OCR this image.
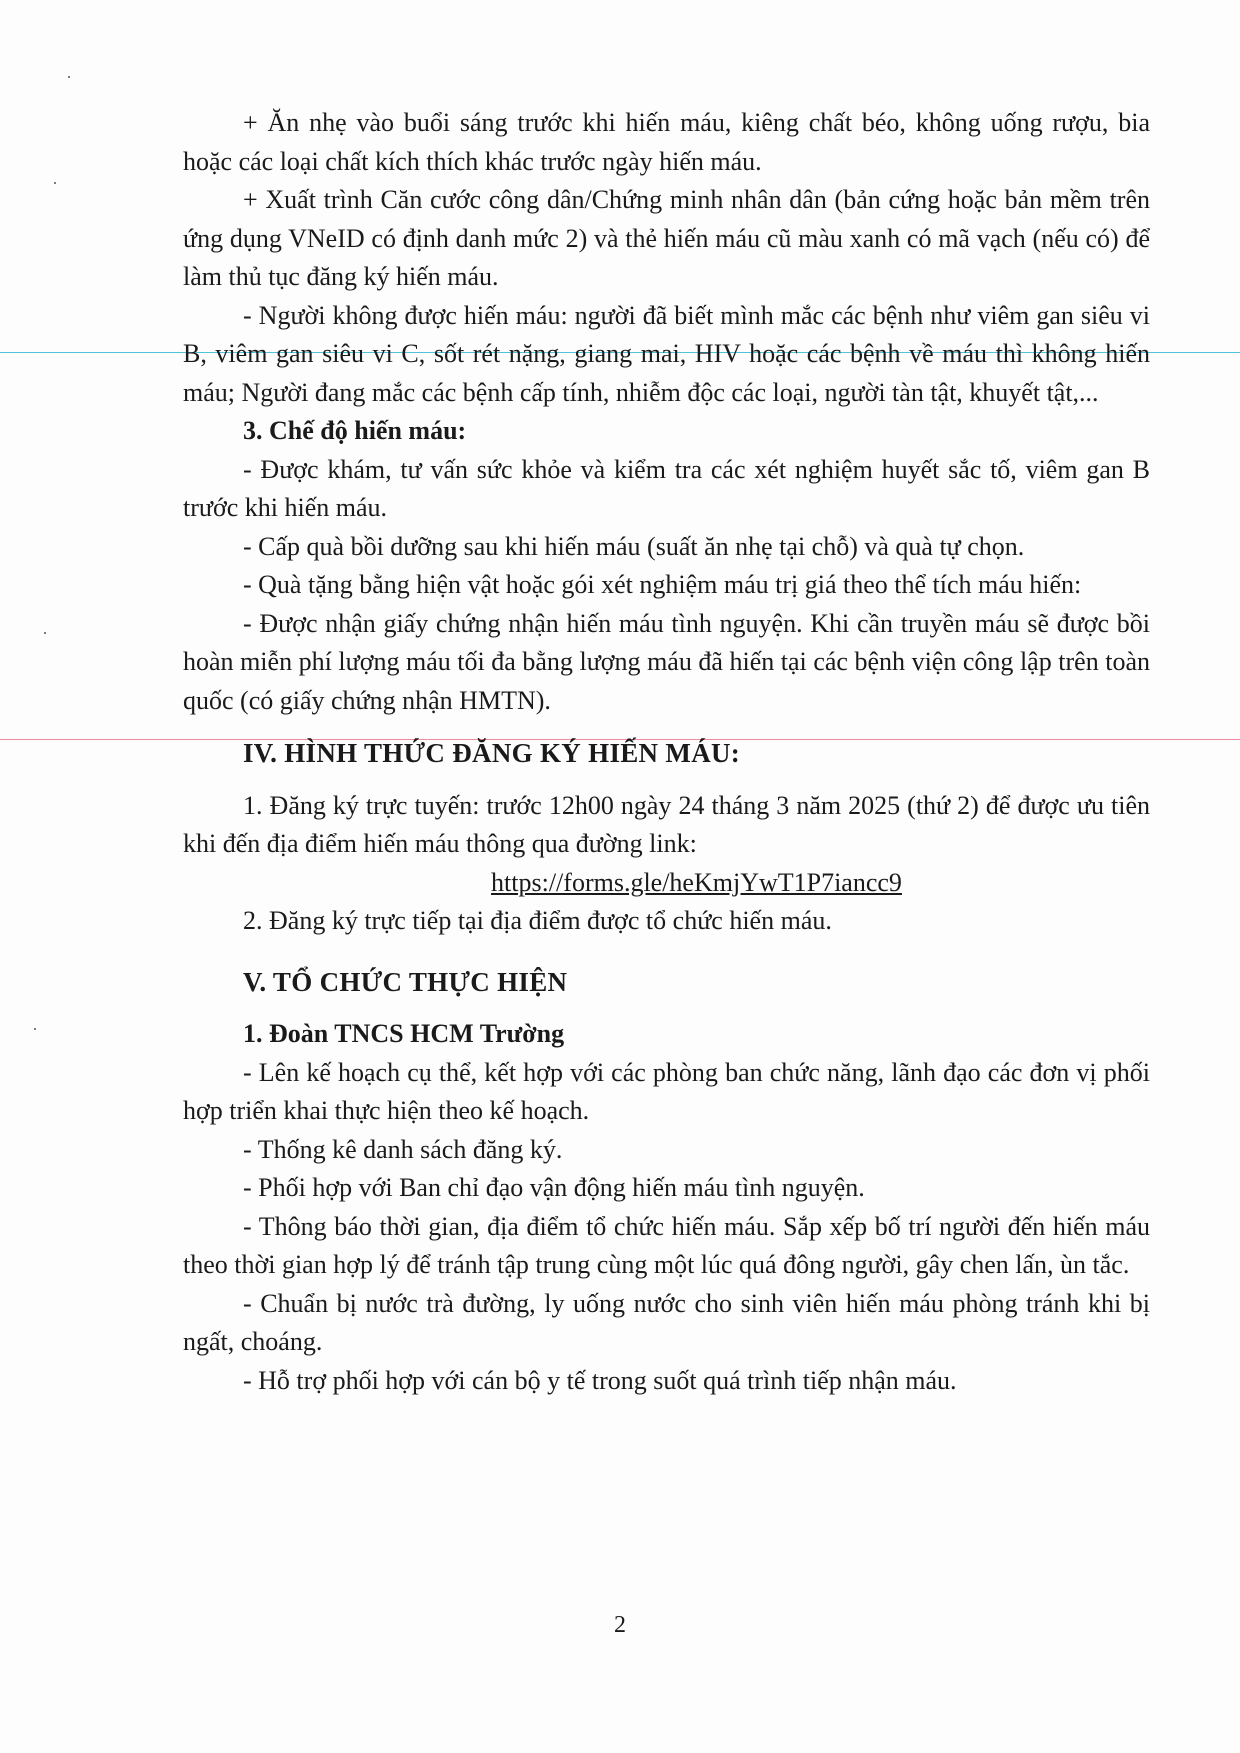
+ Ăn nhẹ vào buổi sáng trước khi hiến máu, kiêng chất béo, không uống rượu, bia hoặc các loại chất kích thích khác trước ngày hiến máu.

+ Xuất trình Căn cước công dân/Chứng minh nhân dân (bản cứng hoặc bản mềm trên ứng dụng VNeID có định danh mức 2) và thẻ hiến máu cũ màu xanh có mã vạch (nếu có) để làm thủ tục đăng ký hiến máu.

- Người không được hiến máu: người đã biết mình mắc các bệnh như viêm gan siêu vi B, viêm gan siêu vi C, sốt rét nặng, giang mai, HIV hoặc các bệnh về máu thì không hiến máu; Người đang mắc các bệnh cấp tính, nhiễm độc các loại, người tàn tật, khuyết tật,...

3. Chế độ hiến máu:

- Được khám, tư vấn sức khỏe và kiểm tra các xét nghiệm huyết sắc tố, viêm gan B trước khi hiến máu.

- Cấp quà bồi dưỡng sau khi hiến máu (suất ăn nhẹ tại chỗ) và quà tự chọn.

- Quà tặng bằng hiện vật hoặc gói xét nghiệm máu trị giá theo thể tích máu hiến:

- Được nhận giấy chứng nhận hiến máu tình nguyện. Khi cần truyền máu sẽ được bồi hoàn miễn phí lượng máu tối đa bằng lượng máu đã hiến tại các bệnh viện công lập trên toàn quốc (có giấy chứng nhận HMTN).

IV. HÌNH THỨC ĐĂNG KÝ HIẾN MÁU:

1. Đăng ký trực tuyến: trước 12h00 ngày 24 tháng 3 năm 2025 (thứ 2) để được ưu tiên khi đến địa điểm hiến máu thông qua đường link:

https://forms.gle/heKmjYwT1P7iancc9

2. Đăng ký trực tiếp tại địa điểm được tổ chức hiến máu.

V. TỔ CHỨC THỰC HIỆN

1. Đoàn TNCS HCM Trường

- Lên kế hoạch cụ thể, kết hợp với các phòng ban chức năng, lãnh đạo các đơn vị phối hợp triển khai thực hiện theo kế hoạch.

- Thống kê danh sách đăng ký.

- Phối hợp với Ban chỉ đạo vận động hiến máu tình nguyện.

- Thông báo thời gian, địa điểm tổ chức hiến máu. Sắp xếp bố trí người đến hiến máu theo thời gian hợp lý để tránh tập trung cùng một lúc quá đông người, gây chen lấn, ùn tắc.

- Chuẩn bị nước trà đường, ly uống nước cho sinh viên hiến máu phòng tránh khi bị ngất, choáng.

- Hỗ trợ phối hợp với cán bộ y tế trong suốt quá trình tiếp nhận máu.

2
